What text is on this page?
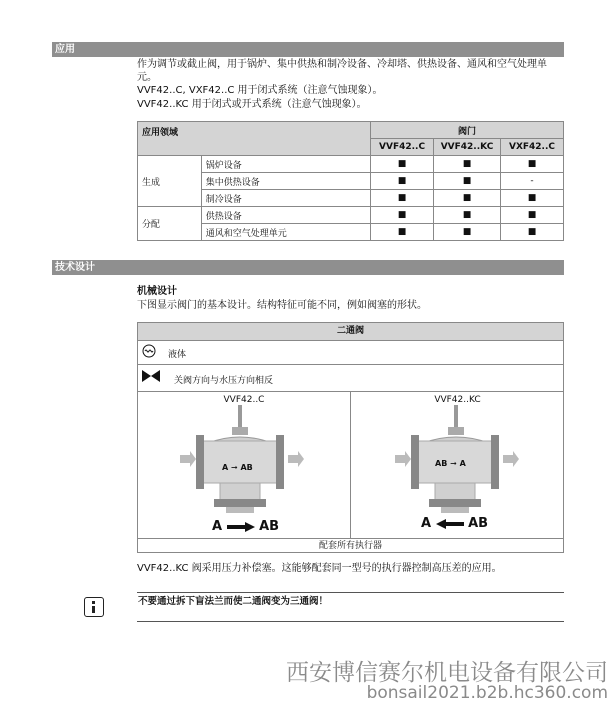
应用
作为调节或截止阀，用于锅炉、集中供热和制冷设备、冷却塔、供热设备、通风和空气处理单
元。
VVF42..C, VXF42..C 用于闭式系统（注意气蚀现象）。
VVF42..KC 用于闭式或开式系统（注意气蚀现象）。
应用领域		阀门		
		VVF42..C	VVF42..KC	VXF42..C
生成	锅炉设备	■	■	■
	集中供热设备	■	■	-
	制冷设备	■	■	■
分配	供热设备	■	■	■
	通风和空气处理单元	■	■	■
技术设计
机械设计
下图显示阀门的基本设计。结构特征可能不同，例如阀塞的形状。
二通阀
液体
关阀方向与水压方向相反
VVF42..C
A ➞ AB
A	AB
VVF42..KC
AB ➞ A
A	AB
配套所有执行器
VVF42..KC 阀采用压力补偿塞。这能够配套同一型号的执行器控制高压差的应用。
不要通过拆下盲法兰而使二通阀变为三通阀！
西安博信赛尔机电设备有限公司
bonsail2021.b2b.hc360.com
